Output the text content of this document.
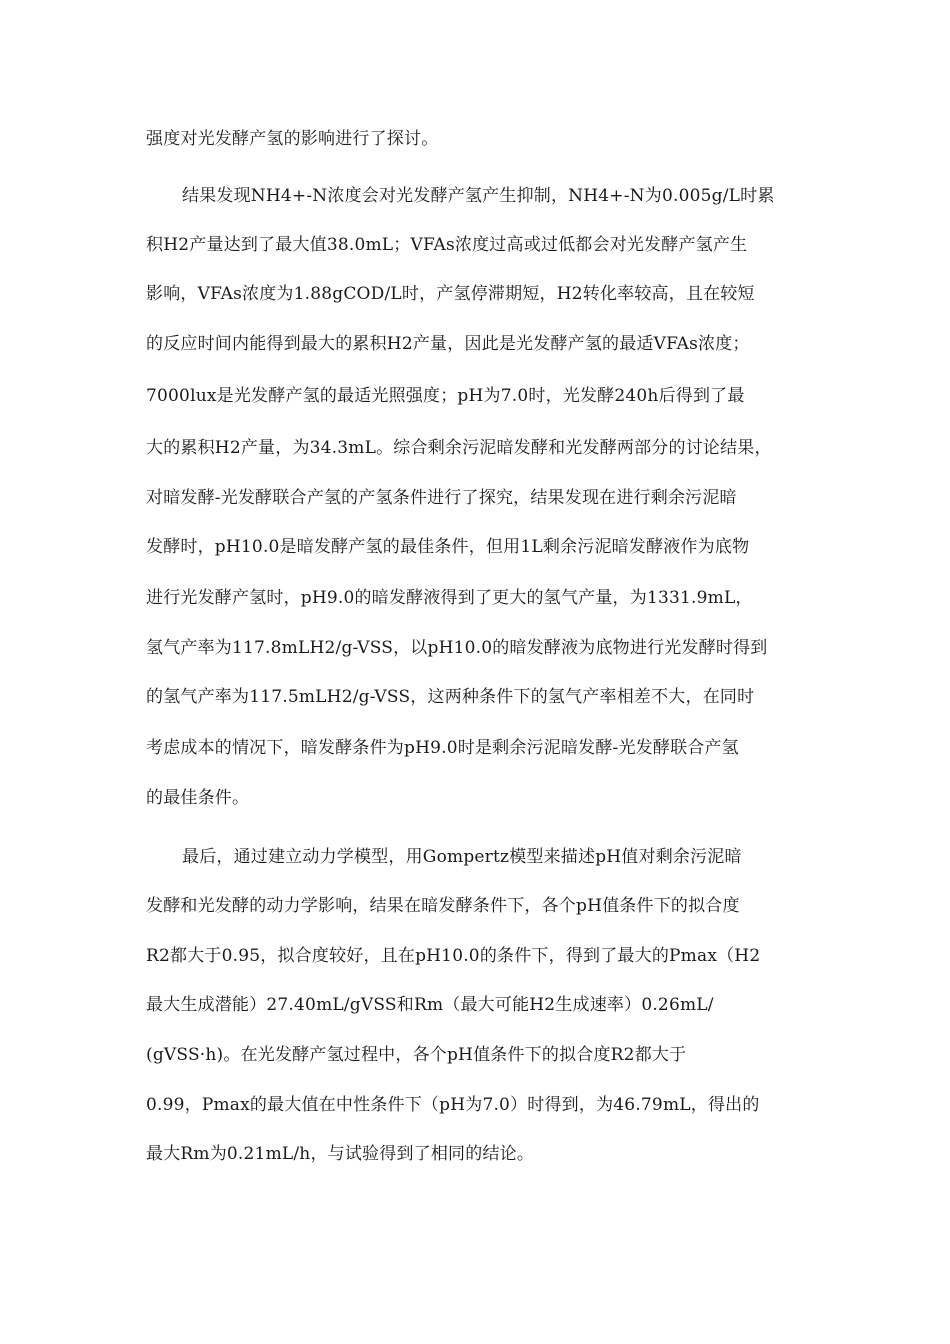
强度对光发酵产氢的影响进行了探讨。
结果发现NH4+-N浓度会对光发酵产氢产生抑制，NH4+-N为0.005g/L时累
积H2产量达到了最大值38.0mL；VFAs浓度过高或过低都会对光发酵产氢产生
影响，VFAs浓度为1.88gCOD/L时，产氢停滞期短，H2转化率较高，且在较短
的反应时间内能得到最大的累积H2产量，因此是光发酵产氢的最适VFAs浓度；
7000lux是光发酵产氢的最适光照强度；pH为7.0时，光发酵240h后得到了最
大的累积H2产量，为34.3mL。综合剩余污泥暗发酵和光发酵两部分的讨论结果，
对暗发酵-光发酵联合产氢的产氢条件进行了探究，结果发现在进行剩余污泥暗
发酵时，pH10.0是暗发酵产氢的最佳条件，但用1L剩余污泥暗发酵液作为底物
进行光发酵产氢时，pH9.0的暗发酵液得到了更大的氢气产量，为1331.9mL，
氢气产率为117.8mLH2/g-VSS，以pH10.0的暗发酵液为底物进行光发酵时得到
的氢气产率为117.5mLH2/g-VSS，这两种条件下的氢气产率相差不大，在同时
考虑成本的情况下，暗发酵条件为pH9.0时是剩余污泥暗发酵-光发酵联合产氢
的最佳条件。
最后，通过建立动力学模型，用Gompertz模型来描述pH值对剩余污泥暗
发酵和光发酵的动力学影响，结果在暗发酵条件下，各个pH值条件下的拟合度
R2都大于0.95，拟合度较好，且在pH10.0的条件下，得到了最大的Pmax（H2
最大生成潜能）27.40mL/gVSS和Rm（最大可能H2生成速率）0.26mL/
(gVSS·h)。在光发酵产氢过程中，各个pH值条件下的拟合度R2都大于
0.99，Pmax的最大值在中性条件下（pH为7.0）时得到，为46.79mL，得出的
最大Rm为0.21mL/h，与试验得到了相同的结论。
